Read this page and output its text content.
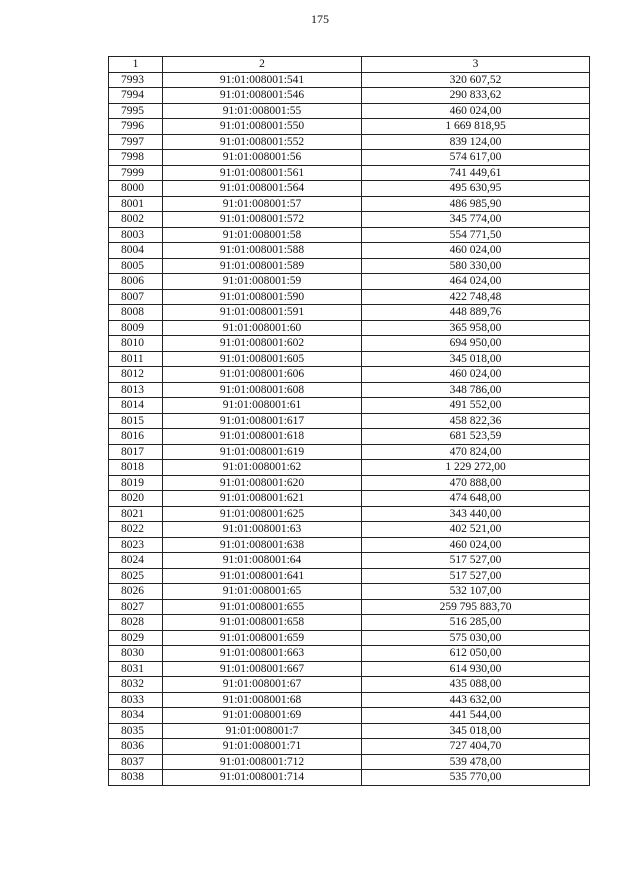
175
1	2	3
7993	91:01:008001:541	320 607,52
7994	91:01:008001:546	290 833,62
7995	91:01:008001:55	460 024,00
7996	91:01:008001:550	1 669 818,95
7997	91:01:008001:552	839 124,00
7998	91:01:008001:56	574 617,00
7999	91:01:008001:561	741 449,61
8000	91:01:008001:564	495 630,95
8001	91:01:008001:57	486 985,90
8002	91:01:008001:572	345 774,00
8003	91:01:008001:58	554 771,50
8004	91:01:008001:588	460 024,00
8005	91:01:008001:589	580 330,00
8006	91:01:008001:59	464 024,00
8007	91:01:008001:590	422 748,48
8008	91:01:008001:591	448 889,76
8009	91:01:008001:60	365 958,00
8010	91:01:008001:602	694 950,00
8011	91:01:008001:605	345 018,00
8012	91:01:008001:606	460 024,00
8013	91:01:008001:608	348 786,00
8014	91:01:008001:61	491 552,00
8015	91:01:008001:617	458 822,36
8016	91:01:008001:618	681 523,59
8017	91:01:008001:619	470 824,00
8018	91:01:008001:62	1 229 272,00
8019	91:01:008001:620	470 888,00
8020	91:01:008001:621	474 648,00
8021	91:01:008001:625	343 440,00
8022	91:01:008001:63	402 521,00
8023	91:01:008001:638	460 024,00
8024	91:01:008001:64	517 527,00
8025	91:01:008001:641	517 527,00
8026	91:01:008001:65	532 107,00
8027	91:01:008001:655	259 795 883,70
8028	91:01:008001:658	516 285,00
8029	91:01:008001:659	575 030,00
8030	91:01:008001:663	612 050,00
8031	91:01:008001:667	614 930,00
8032	91:01:008001:67	435 088,00
8033	91:01:008001:68	443 632,00
8034	91:01:008001:69	441 544,00
8035	91:01:008001:7	345 018,00
8036	91:01:008001:71	727 404,70
8037	91:01:008001:712	539 478,00
8038	91:01:008001:714	535 770,00
